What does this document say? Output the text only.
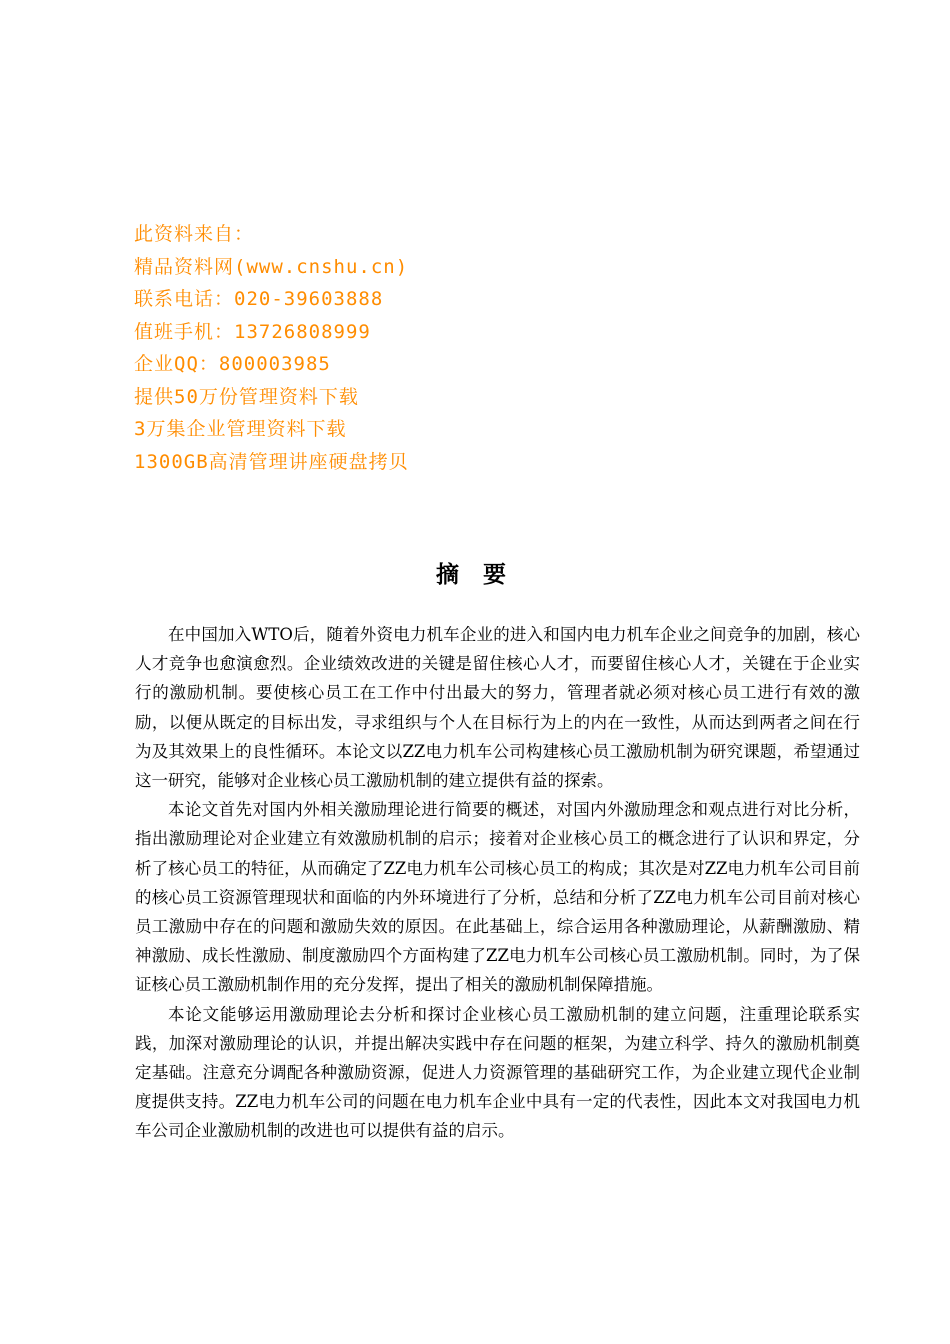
此资料来自：
精品资料网(www.cnshu.cn)
联系电话：020-39603888
值班手机：13726808999
企业QQ：800003985
提供50万份管理资料下载
3万集企业管理资料下载
1300GB高清管理讲座硬盘拷贝
摘 要

在中国加入WTO后，随着外资电力机车企业的进入和国内电力机车企业之间竞争的加剧，核心人才竞争也愈演愈烈。企业绩效改进的关键是留住核心人才，而要留住核心人才，关键在于企业实行的激励机制。要使核心员工在工作中付出最大的努力，管理者就必须对核心员工进行有效的激励，以便从既定的目标出发，寻求组织与个人在目标行为上的内在一致性，从而达到两者之间在行为及其效果上的良性循环。本论文以ZZ电力机车公司构建核心员工激励机制为研究课题，希望通过这一研究，能够对企业核心员工激励机制的建立提供有益的探索。

本论文首先对国内外相关激励理论进行简要的概述，对国内外激励理念和观点进行对比分析，指出激励理论对企业建立有效激励机制的启示；接着对企业核心员工的概念进行了认识和界定，分析了核心员工的特征，从而确定了ZZ电力机车公司核心员工的构成；其次是对ZZ电力机车公司目前的核心员工资源管理现状和面临的内外环境进行了分析，总结和分析了ZZ电力机车公司目前对核心员工激励中存在的问题和激励失效的原因。在此基础上，综合运用各种激励理论，从薪酬激励、精神激励、成长性激励、制度激励四个方面构建了ZZ电力机车公司核心员工激励机制。同时，为了保证核心员工激励机制作用的充分发挥，提出了相关的激励机制保障措施。

本论文能够运用激励理论去分析和探讨企业核心员工激励机制的建立问题，注重理论联系实践，加深对激励理论的认识，并提出解决实践中存在问题的框架，为建立科学、持久的激励机制奠定基础。注意充分调配各种激励资源，促进人力资源管理的基础研究工作，为企业建立现代企业制度提供支持。ZZ电力机车公司的问题在电力机车企业中具有一定的代表性，因此本文对我国电力机车公司企业激励机制的改进也可以提供有益的启示。
